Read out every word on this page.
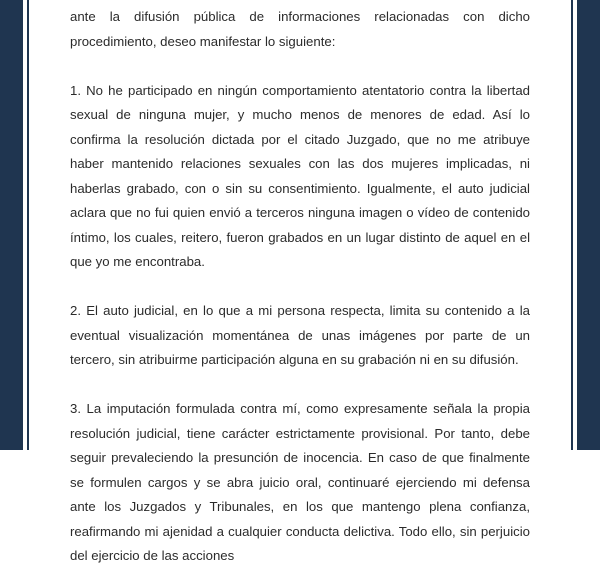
ante la difusión pública de informaciones relacionadas con dicho procedimiento, deseo manifestar lo siguiente:

1. No he participado en ningún comportamiento atentatorio contra la libertad sexual de ninguna mujer, y mucho menos de menores de edad. Así lo confirma la resolución dictada por el citado Juzgado, que no me atribuye haber mantenido relaciones sexuales con las dos mujeres implicadas, ni haberlas grabado, con o sin su consentimiento. Igualmente, el auto judicial aclara que no fui quien envió a terceros ninguna imagen o vídeo de contenido íntimo, los cuales, reitero, fueron grabados en un lugar distinto de aquel en el que yo me encontraba.

2. El auto judicial, en lo que a mi persona respecta, limita su contenido a la eventual visualización momentánea de unas imágenes por parte de un tercero, sin atribuirme participación alguna en su grabación ni en su difusión.

3. La imputación formulada contra mí, como expresamente señala la propia resolución judicial, tiene carácter estrictamente provisional. Por tanto, debe seguir prevaleciendo la presunción de inocencia. En caso de que finalmente se formulen cargos y se abra juicio oral, continuaré ejerciendo mi defensa ante los Juzgados y Tribunales, en los que mantengo plena confianza, reafirmando mi ajenidad a cualquier conducta delictiva. Todo ello, sin perjuicio del ejercicio de las acciones
